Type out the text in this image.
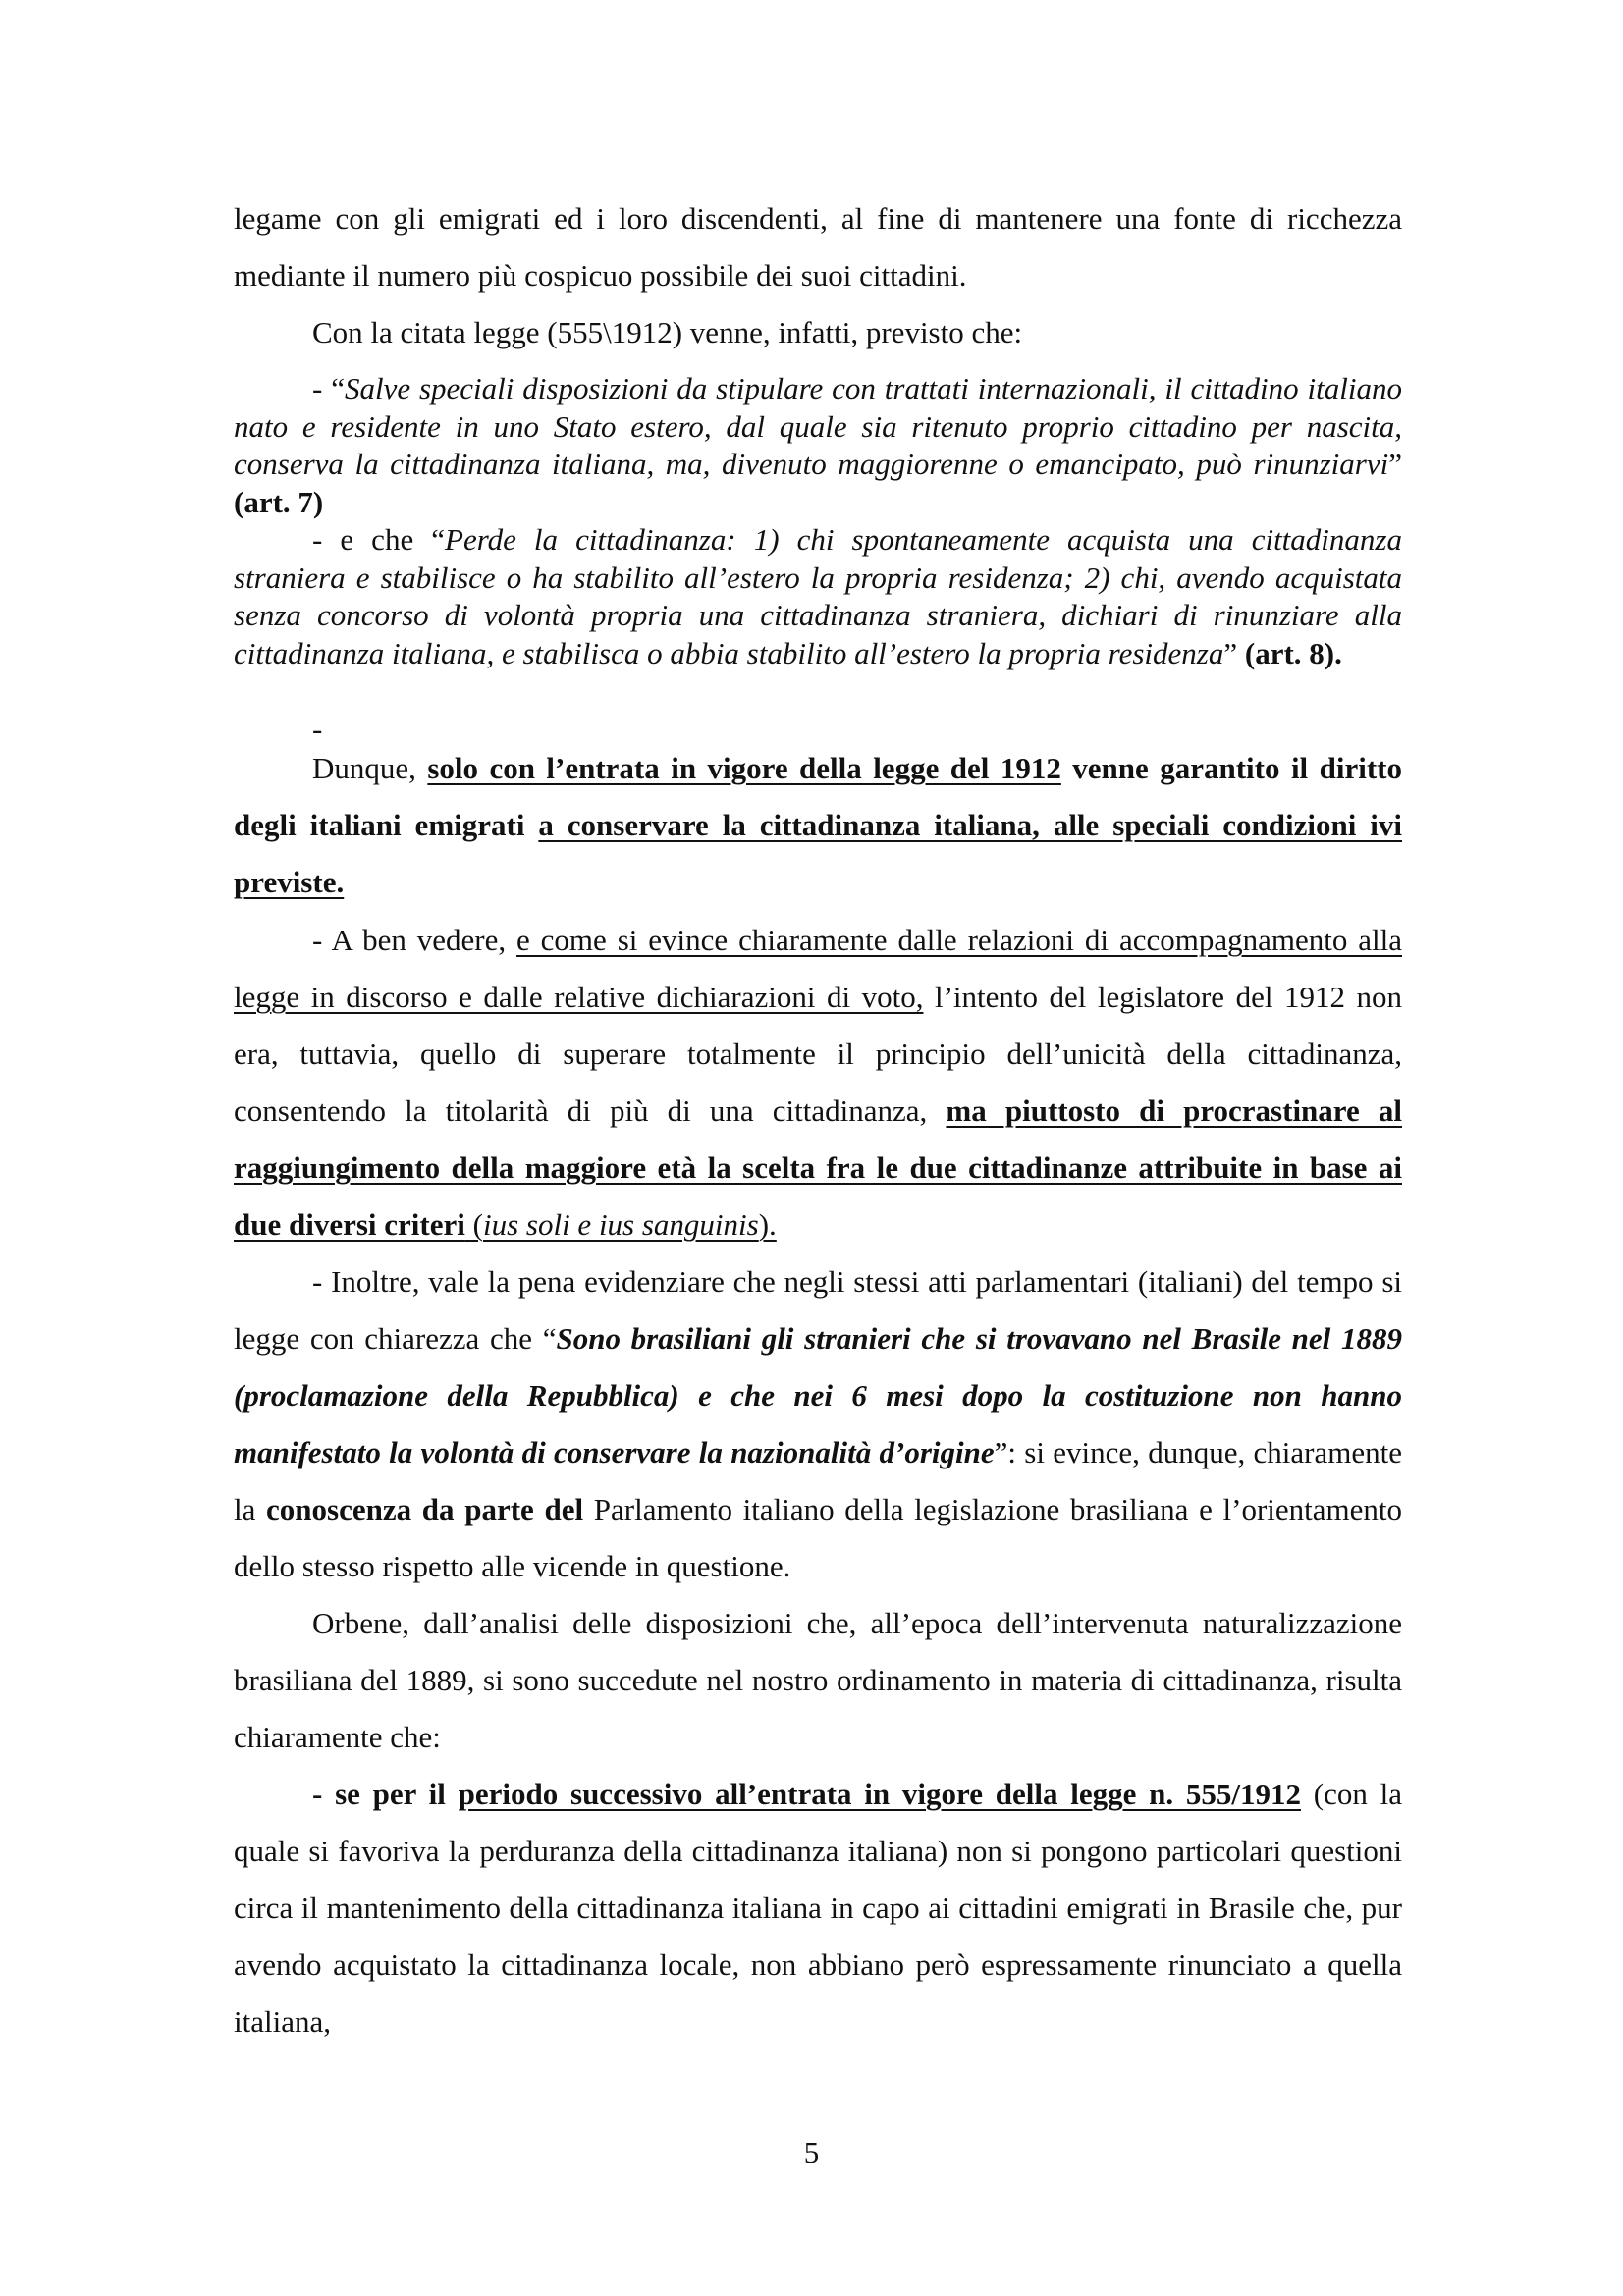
legame con gli emigrati ed i loro discendenti, al fine di mantenere una fonte di ricchezza mediante il numero più cospicuo possibile dei suoi cittadini.

Con la citata legge (555\1912) venne, infatti, previsto che:

- “Salve speciali disposizioni da stipulare con trattati internazionali, il cittadino italiano nato e residente in uno Stato estero, dal quale sia ritenuto proprio cittadino per nascita, conserva la cittadinanza italiana, ma, divenuto maggiorenne o emancipato, può rinunziarvi” (art. 7)

- e che “Perde la cittadinanza: 1) chi spontaneamente acquista una cittadinanza straniera e stabilisce o ha stabilito all’estero la propria residenza; 2) chi, avendo acquistata senza concorso di volontà propria una cittadinanza straniera, dichiari di rinunziare alla cittadinanza italiana, e stabilisca o abbia stabilito all’estero la propria residenza” (art. 8).

-

Dunque, solo con l’entrata in vigore della legge del 1912 venne garantito il diritto degli italiani emigrati a conservare la cittadinanza italiana, alle speciali condizioni ivi previste.

- A ben vedere, e come si evince chiaramente dalle relazioni di accompagnamento alla legge in discorso e dalle relative dichiarazioni di voto, l’intento del legislatore del 1912 non era, tuttavia, quello di superare totalmente il principio dell’unicità della cittadinanza, consentendo la titolarità di più di una cittadinanza, ma piuttosto di procrastinare al raggiungimento della maggiore età la scelta fra le due cittadinanze attribuite in base ai due diversi criteri (ius soli e ius sanguinis).

- Inoltre, vale la pena evidenziare che negli stessi atti parlamentari (italiani) del tempo si legge con chiarezza che “Sono brasiliani gli stranieri che si trovavano nel Brasile nel 1889 (proclamazione della Repubblica) e che nei 6 mesi dopo la costituzione non hanno manifestato la volontà di conservare la nazionalità d’origine”: si evince, dunque, chiaramente la conoscenza da parte del Parlamento italiano della legislazione brasiliana e l’orientamento dello stesso rispetto alle vicende in questione.

Orbene, dall’analisi delle disposizioni che, all’epoca dell’intervenuta naturalizzazione brasiliana del 1889, si sono succedute nel nostro ordinamento in materia di cittadinanza, risulta chiaramente che:

- se per il periodo successivo all’entrata in vigore della legge n. 555/1912 (con la quale si favoriva la perduranza della cittadinanza italiana) non si pongono particolari questioni circa il mantenimento della cittadinanza italiana in capo ai cittadini emigrati in Brasile che, pur avendo acquistato la cittadinanza locale, non abbiano però espressamente rinunciato a quella italiana,

5
